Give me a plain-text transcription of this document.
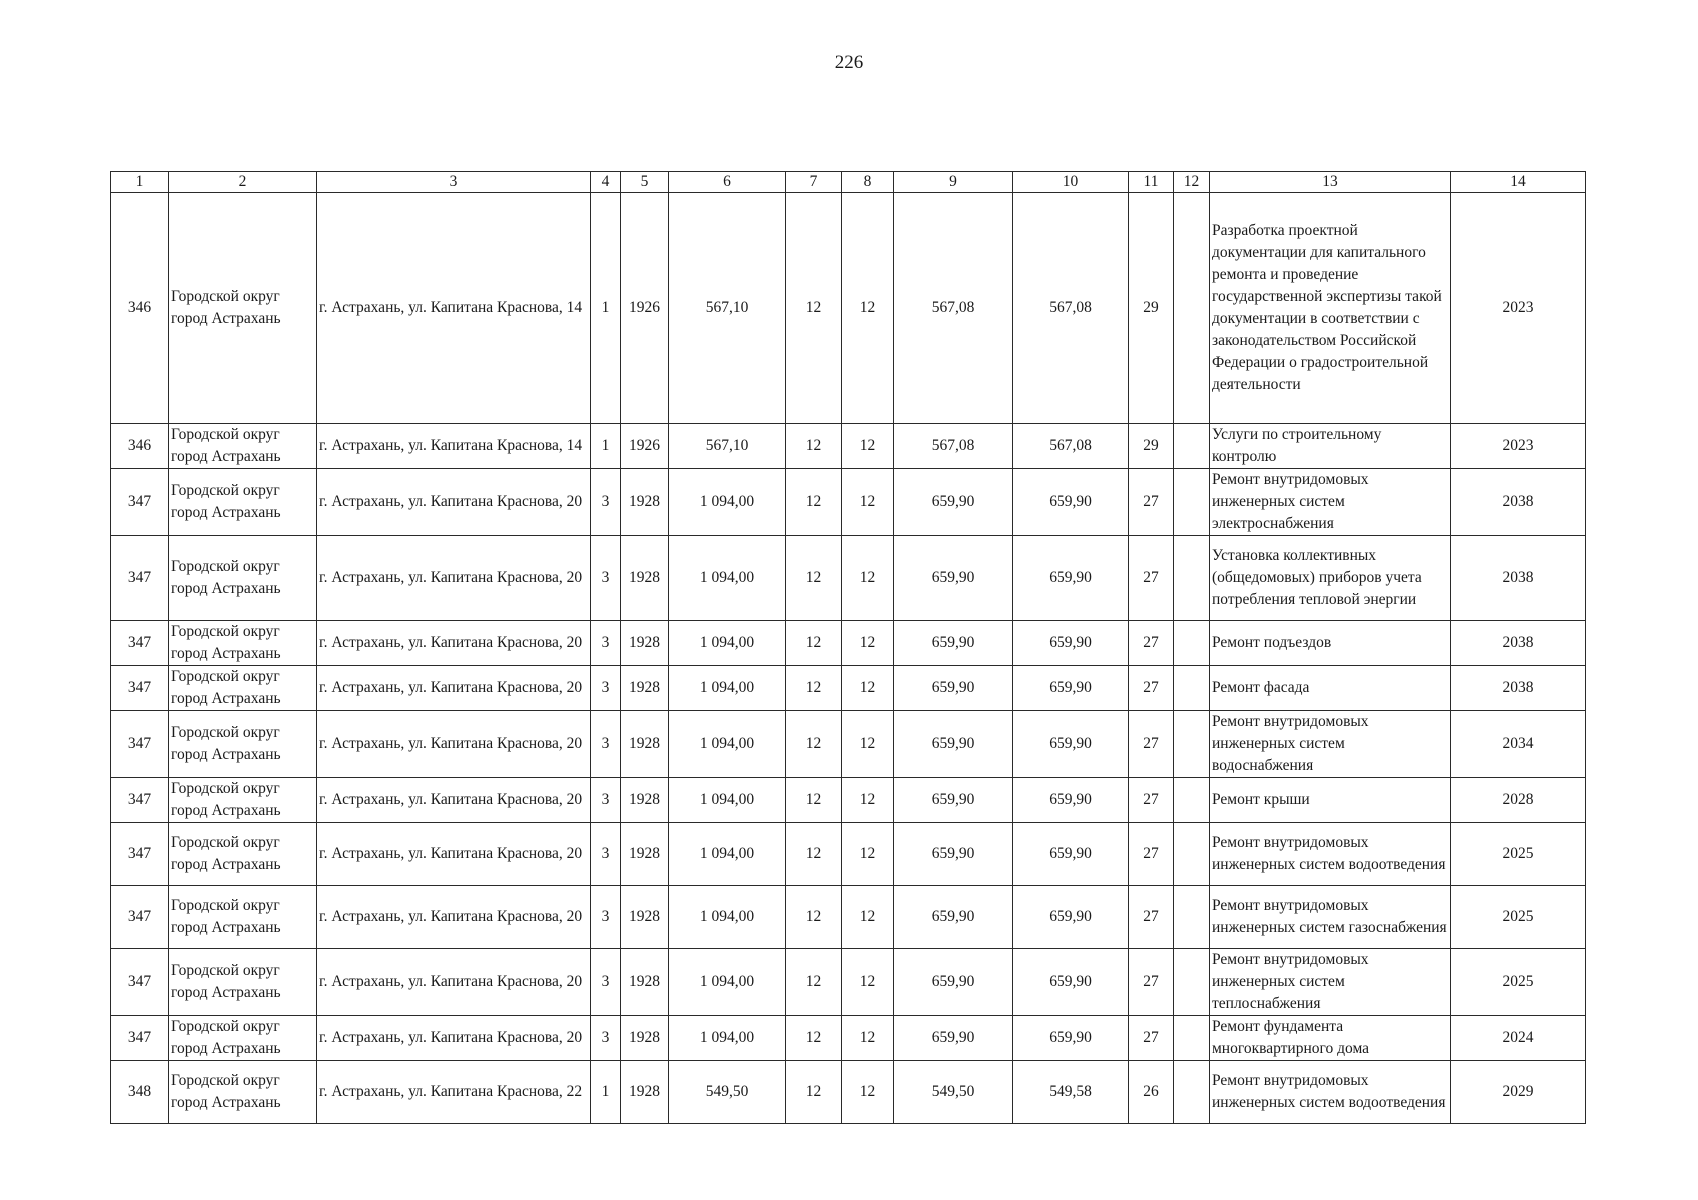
226
1	2	3	4	5	6	7	8	9	10	11	12	13	14
346	Городской округ город Астрахань	г. Астрахань, ул. Капитана Краснова, 14	1	1926	567,10	12	12	567,08	567,08	29		Разработка проектной документации для капитального ремонта и проведение государственной экспертизы такой документации в соответствии с законодательством Российской Федерации о градостроительной деятельности	2023
346	Городской округ город Астрахань	г. Астрахань, ул. Капитана Краснова, 14	1	1926	567,10	12	12	567,08	567,08	29		Услуги по строительному контролю	2023
347	Городской округ город Астрахань	г. Астрахань, ул. Капитана Краснова, 20	3	1928	1 094,00	12	12	659,90	659,90	27		Ремонт внутридомовых инженерных систем электроснабжения	2038
347	Городской округ город Астрахань	г. Астрахань, ул. Капитана Краснова, 20	3	1928	1 094,00	12	12	659,90	659,90	27		Установка коллективных (общедомовых) приборов учета потребления тепловой энергии	2038
347	Городской округ город Астрахань	г. Астрахань, ул. Капитана Краснова, 20	3	1928	1 094,00	12	12	659,90	659,90	27		Ремонт подъездов	2038
347	Городской округ город Астрахань	г. Астрахань, ул. Капитана Краснова, 20	3	1928	1 094,00	12	12	659,90	659,90	27		Ремонт фасада	2038
347	Городской округ город Астрахань	г. Астрахань, ул. Капитана Краснова, 20	3	1928	1 094,00	12	12	659,90	659,90	27		Ремонт внутридомовых инженерных систем водоснабжения	2034
347	Городской округ город Астрахань	г. Астрахань, ул. Капитана Краснова, 20	3	1928	1 094,00	12	12	659,90	659,90	27		Ремонт крыши	2028
347	Городской округ город Астрахань	г. Астрахань, ул. Капитана Краснова, 20	3	1928	1 094,00	12	12	659,90	659,90	27		Ремонт внутридомовых инженерных систем водоотведения	2025
347	Городской округ город Астрахань	г. Астрахань, ул. Капитана Краснова, 20	3	1928	1 094,00	12	12	659,90	659,90	27		Ремонт внутридомовых инженерных систем газоснабжения	2025
347	Городской округ город Астрахань	г. Астрахань, ул. Капитана Краснова, 20	3	1928	1 094,00	12	12	659,90	659,90	27		Ремонт внутридомовых инженерных систем теплоснабжения	2025
347	Городской округ город Астрахань	г. Астрахань, ул. Капитана Краснова, 20	3	1928	1 094,00	12	12	659,90	659,90	27		Ремонт фундамента многоквартирного дома	2024
348	Городской округ город Астрахань	г. Астрахань, ул. Капитана Краснова, 22	1	1928	549,50	12	12	549,50	549,58	26		Ремонт внутридомовых инженерных систем водоотведения	2029
